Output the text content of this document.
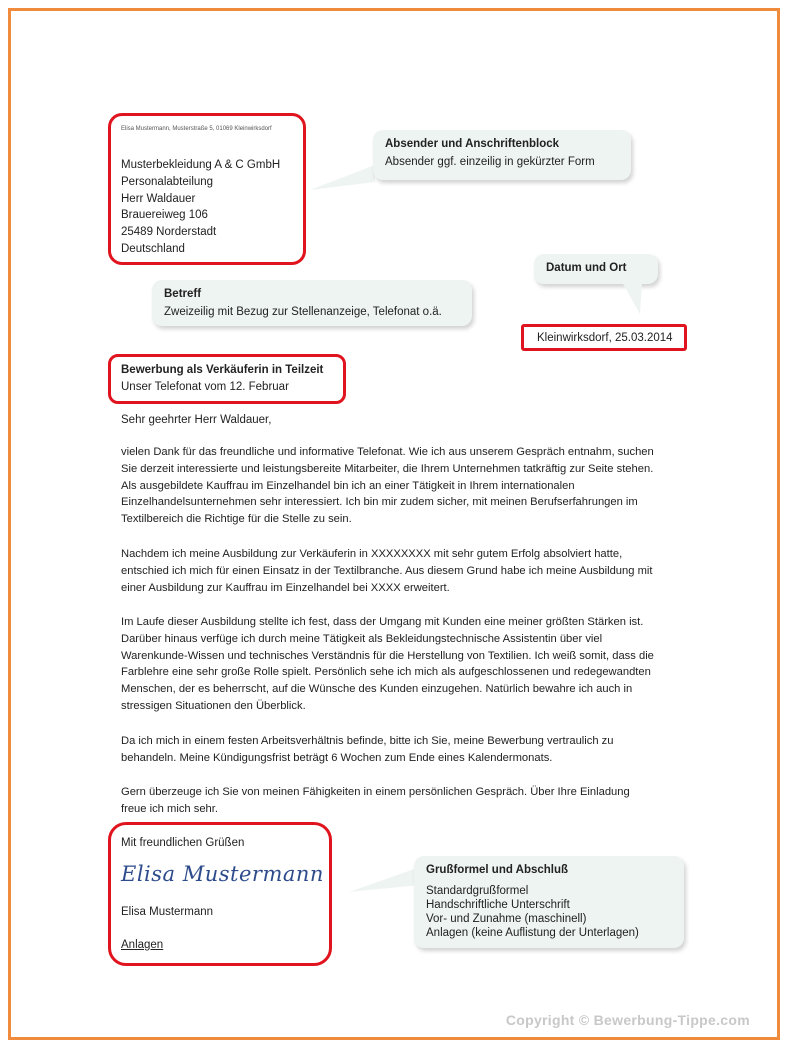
Elisa Mustermann, Musterstraße 5, 01069 Kleinwirksdorf
Musterbekleidung A & C GmbH
Personalabteilung
Herr Waldauer
Brauereiweg 106
25489 Norderstadt
Deutschland
Absender und Anschriftenblock
Absender ggf. einzeilig in gekürzter Form
Datum und Ort
Betreff
Zweizeilig mit Bezug zur Stellenanzeige, Telefonat o.ä.
Kleinwirksdorf, 25.03.2014
Bewerbung als Verkäuferin in Teilzeit
Unser Telefonat vom 12. Februar
Sehr geehrter Herr Waldauer,
vielen Dank für das freundliche und informative Telefonat. Wie ich aus unserem Gespräch entnahm, suchen Sie derzeit interessierte und leistungsbereite Mitarbeiter, die Ihrem Unternehmen tatkräftig zur Seite stehen. Als ausgebildete Kauffrau im Einzelhandel bin ich an einer Tätigkeit in Ihrem internationalen Einzelhandelsunternehmen sehr interessiert. Ich bin mir zudem sicher, mit meinen Berufserfahrungen im Textilbereich die Richtige für die Stelle zu sein.
Nachdem ich meine Ausbildung zur Verkäuferin in XXXXXXXX mit sehr gutem Erfolg absolviert hatte, entschied ich mich für einen Einsatz in der Textilbranche. Aus diesem Grund habe ich meine Ausbildung mit einer Ausbildung zur Kauffrau im Einzelhandel bei XXXX erweitert.
Im Laufe dieser Ausbildung stellte ich fest, dass der Umgang mit Kunden eine meiner größten Stärken ist. Darüber hinaus verfüge ich durch meine Tätigkeit als Bekleidungstechnische Assistentin über viel Warenkunde-Wissen und technisches Verständnis für die Herstellung von Textilien. Ich weiß somit, dass die Farblehre eine sehr große Rolle spielt. Persönlich sehe ich mich als aufgeschlossenen und redegewandten Menschen, der es beherrscht, auf die Wünsche des Kunden einzugehen. Natürlich bewahre ich auch in stressigen Situationen den Überblick.
Da ich mich in einem festen Arbeitsverhältnis befinde, bitte ich Sie, meine Bewerbung vertraulich zu behandeln. Meine Kündigungsfrist beträgt 6 Wochen zum Ende eines Kalendermonats.
Gern überzeuge ich Sie von meinen Fähigkeiten in einem persönlichen Gespräch. Über Ihre Einladung freue ich mich sehr.
Mit freundlichen Grüßen
Elisa Mustermann
Elisa Mustermann
Anlagen
Grußformel und Abschluß
Standardgrußformel
Handschriftliche Unterschrift
Vor- und Zunahme (maschinell)
Anlagen (keine Auflistung der Unterlagen)
Copyright © Bewerbung-Tippe.com
